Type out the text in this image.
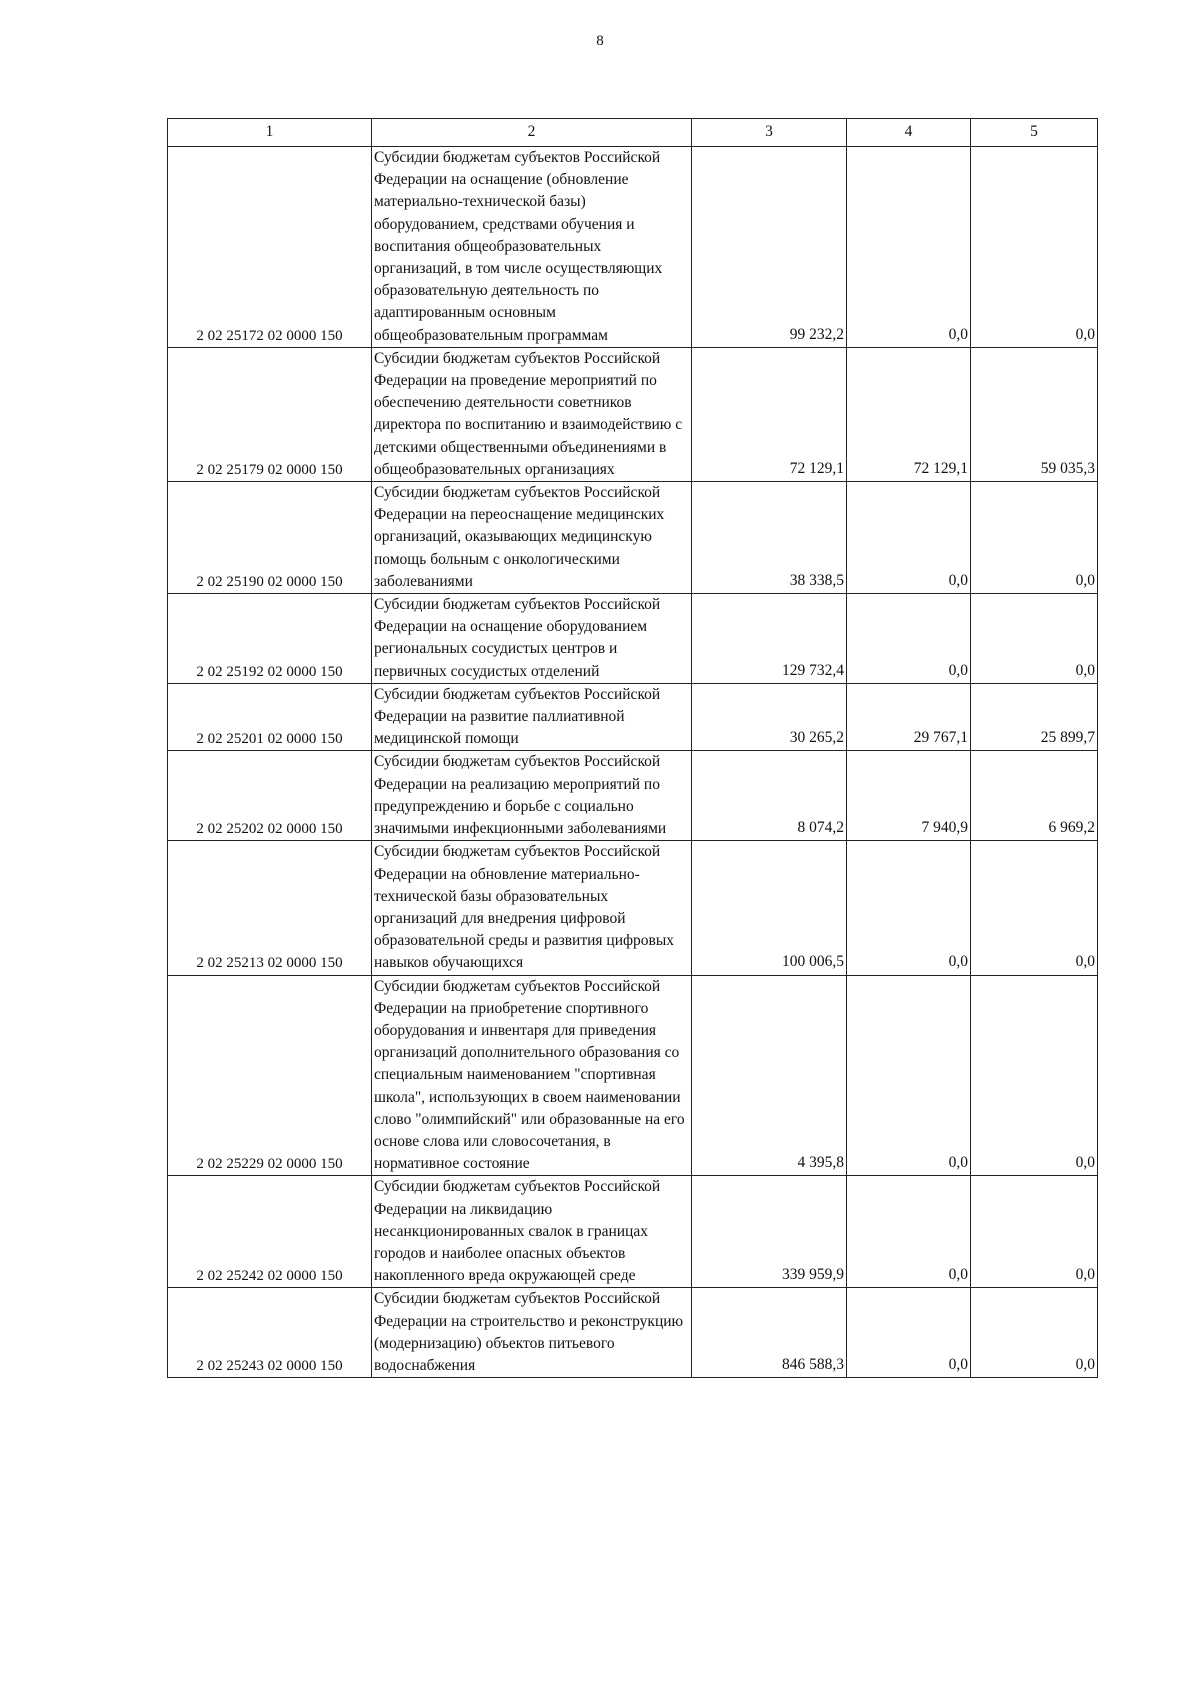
8
1	2	3	4	5
2 02 25172 02 0000 150	Субсидии бюджетам субъектов Российской Федерации на оснащение (обновление материально-технической базы) оборудованием, средствами обучения и воспитания общеобразовательных организаций, в том числе осуществляющих образовательную деятельность по адаптированным основным общеобразовательным программам	99 232,2	0,0	0,0
2 02 25179 02 0000 150	Субсидии бюджетам субъектов Российской Федерации на проведение мероприятий по обеспечению деятельности советников директора по воспитанию и взаимодействию с детскими общественными объединениями в общеобразовательных организациях	72 129,1	72 129,1	59 035,3
2 02 25190 02 0000 150	Субсидии бюджетам субъектов Российской Федерации на переоснащение медицинских организаций, оказывающих медицинскую помощь больным с онкологическими заболеваниями	38 338,5	0,0	0,0
2 02 25192 02 0000 150	Субсидии бюджетам субъектов Российской Федерации на оснащение оборудованием региональных сосудистых центров и первичных сосудистых отделений	129 732,4	0,0	0,0
2 02 25201 02 0000 150	Субсидии бюджетам субъектов Российской Федерации на развитие паллиативной медицинской помощи	30 265,2	29 767,1	25 899,7
2 02 25202 02 0000 150	Субсидии бюджетам субъектов Российской Федерации на реализацию мероприятий по предупреждению и борьбе с социально значимыми инфекционными заболеваниями	8 074,2	7 940,9	6 969,2
2 02 25213 02 0000 150	Субсидии бюджетам субъектов Российской Федерации на обновление материально-технической базы образовательных организаций для внедрения цифровой образовательной среды и развития цифровых навыков обучающихся	100 006,5	0,0	0,0
2 02 25229 02 0000 150	Субсидии бюджетам субъектов Российской Федерации на приобретение спортивного оборудования и инвентаря для приведения организаций дополнительного образования со специальным наименованием "спортивная школа", использующих в своем наименовании слово "олимпийский" или образованные на его основе слова или словосочетания, в нормативное состояние	4 395,8	0,0	0,0
2 02 25242 02 0000 150	Субсидии бюджетам субъектов Российской Федерации на ликвидацию несанкционированных свалок в границах городов и наиболее опасных объектов накопленного вреда окружающей среде	339 959,9	0,0	0,0
2 02 25243 02 0000 150	Субсидии бюджетам субъектов Российской Федерации на строительство и реконструкцию (модернизацию) объектов питьевого водоснабжения	846 588,3	0,0	0,0
